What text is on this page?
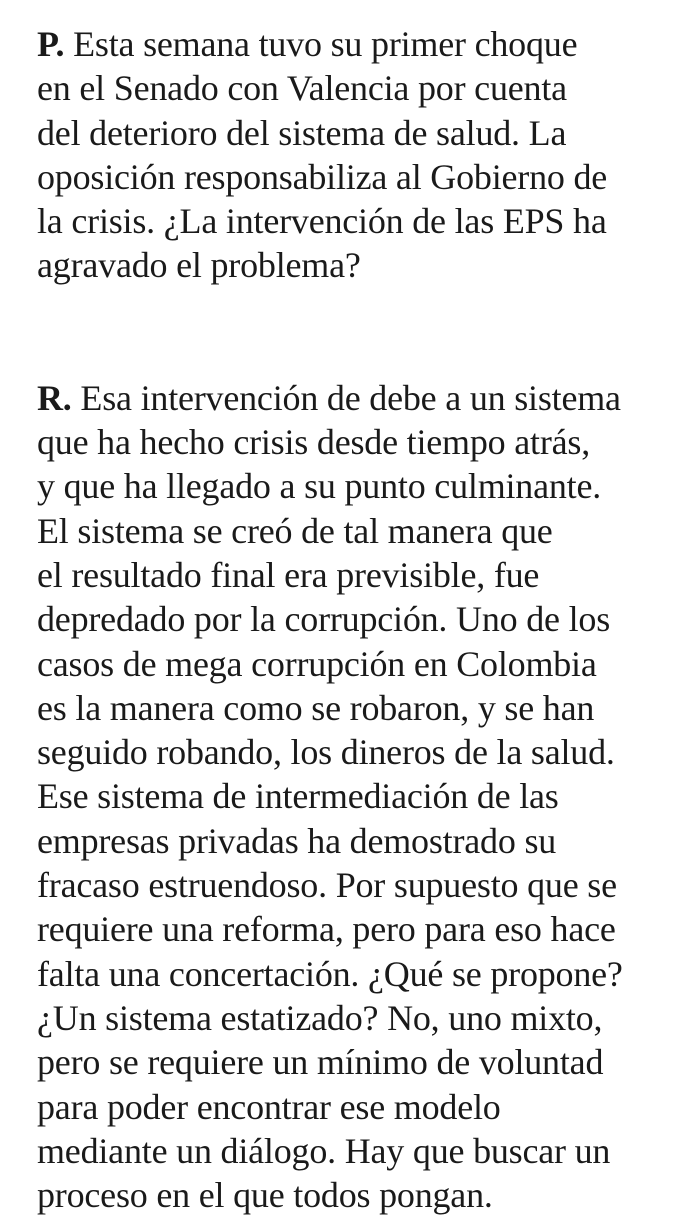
P. Esta semana tuvo su primer choque
en el Senado con Valencia por cuenta
del deterioro del sistema de salud. La
oposición responsabiliza al Gobierno de
la crisis. ¿La intervención de las EPS ha
agravado el problema?

R. Esa intervención de debe a un sistema
que ha hecho crisis desde tiempo atrás,
y que ha llegado a su punto culminante.
El sistema se creó de tal manera que
el resultado final era previsible, fue
depredado por la corrupción. Uno de los
casos de mega corrupción en Colombia
es la manera como se robaron, y se han
seguido robando, los dineros de la salud.
Ese sistema de intermediación de las
empresas privadas ha demostrado su
fracaso estruendoso. Por supuesto que se
requiere una reforma, pero para eso hace
falta una concertación. ¿Qué se propone?
¿Un sistema estatizado? No, uno mixto,
pero se requiere un mínimo de voluntad
para poder encontrar ese modelo
mediante un diálogo. Hay que buscar un
proceso en el que todos pongan.
